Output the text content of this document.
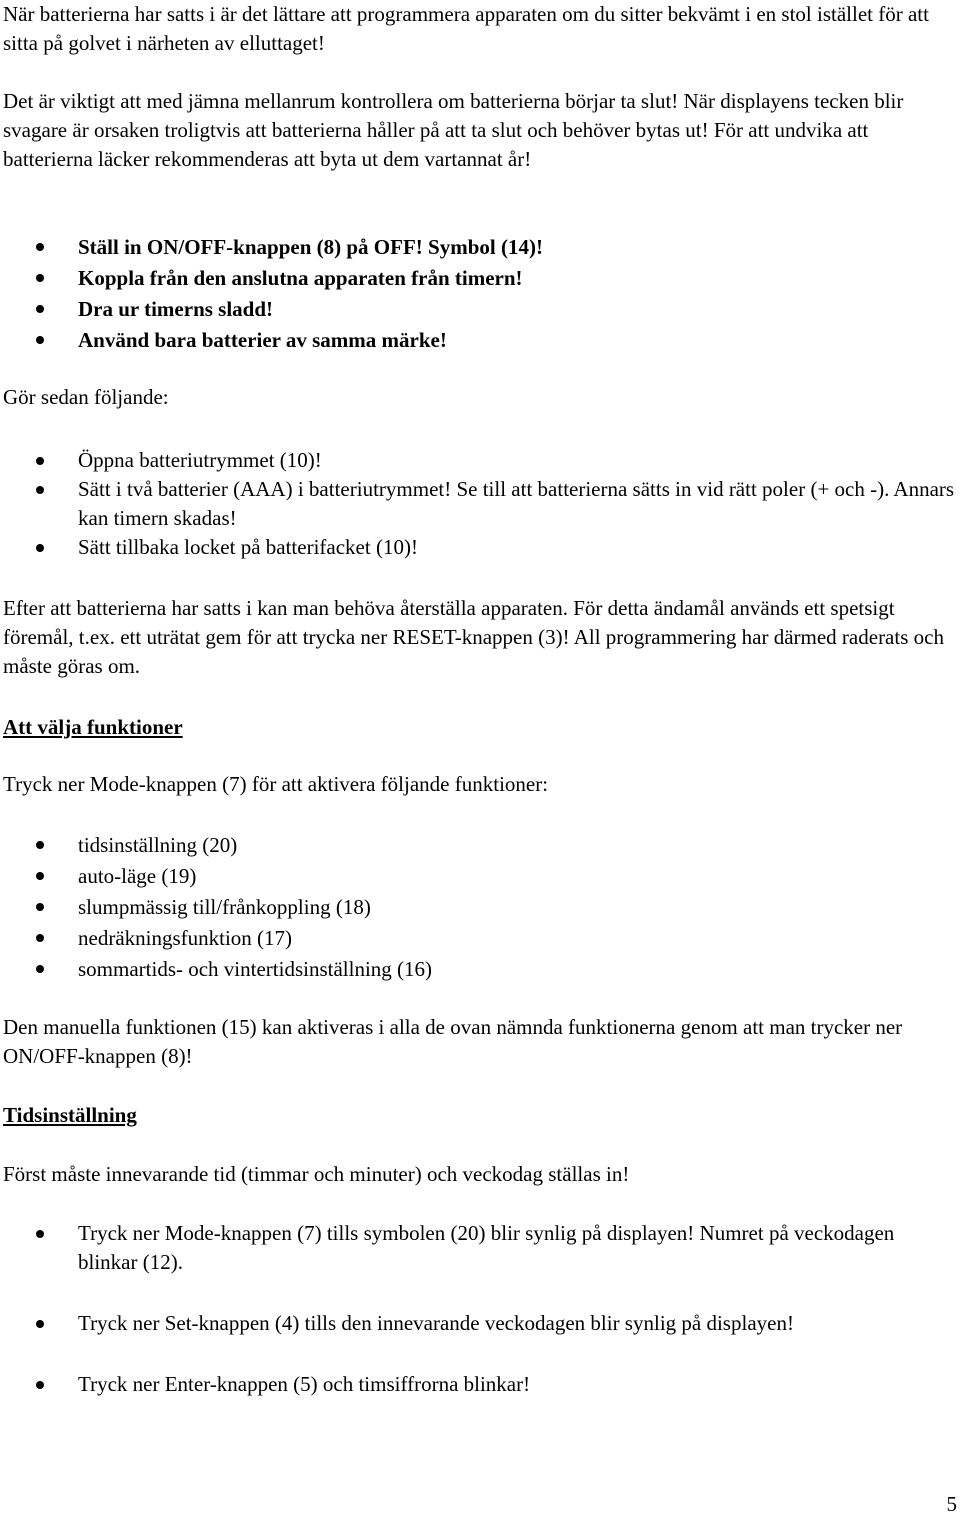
När batterierna har satts i är det lättare att programmera apparaten om du sitter bekvämt i en stol istället för att sitta på golvet i närheten av elluttaget!

Det är viktigt att med jämna mellanrum kontrollera om batterierna börjar ta slut! När displayens tecken blir svagare är orsaken troligtvis att batterierna håller på att ta slut och behöver bytas ut! För att undvika att batterierna läcker rekommenderas att byta ut dem vartannat år!

Ställ in ON/OFF-knappen (8) på OFF! Symbol (14)!
Koppla från den anslutna apparaten från timern!
Dra ur timerns sladd!
Använd bara batterier av samma märke!

Gör sedan följande:

Öppna batteriutrymmet (10)!
Sätt i två batterier (AAA) i batteriutrymmet! Se till att batterierna sätts in vid rätt poler (+ och -). Annars kan timern skadas!
Sätt tillbaka locket på batterifacket (10)!

Efter att batterierna har satts i kan man behöva återställa apparaten. För detta ändamål används ett spetsigt föremål, t.ex. ett uträtat gem för att trycka ner RESET-knappen (3)! All programmering har därmed raderats och måste göras om.

Att välja funktioner

Tryck ner Mode-knappen (7) för att aktivera följande funktioner:

tidsinställning (20)
auto-läge (19)
slumpmässig till/frånkoppling (18)
nedräkningsfunktion (17)
sommartids- och vintertidsinställning (16)

Den manuella funktionen (15) kan aktiveras i alla de ovan nämnda funktionerna genom att man trycker ner ON/OFF-knappen (8)!

Tidsinställning

Först måste innevarande tid (timmar och minuter) och veckodag ställas in!

Tryck ner Mode-knappen (7) tills symbolen (20) blir synlig på displayen! Numret på veckodagen blinkar (12).
Tryck ner Set-knappen (4) tills den innevarande veckodagen blir synlig på displayen!
Tryck ner Enter-knappen (5) och timsiffrorna blinkar!

5
